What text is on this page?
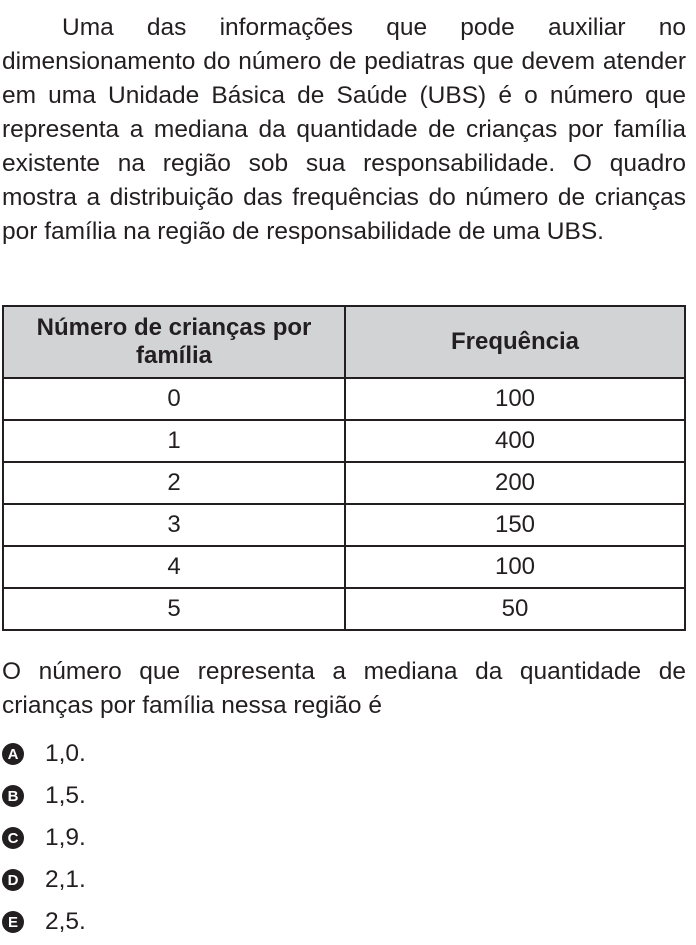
Uma das informações que pode auxiliar no dimensionamento do número de pediatras que devem atender em uma Unidade Básica de Saúde (UBS) é o número que representa a mediana da quantidade de crianças por família existente na região sob sua responsabilidade. O quadro mostra a distribuição das frequências do número de crianças por família na região de responsabilidade de uma UBS.

Número de crianças por família	Frequência
0	100
1	400
2	200
3	150
4	100
5	50

O número que representa a mediana da quantidade de crianças por família nessa região é

A 1,0.
B 1,5.
C 1,9.
D 2,1.
E 2,5.
